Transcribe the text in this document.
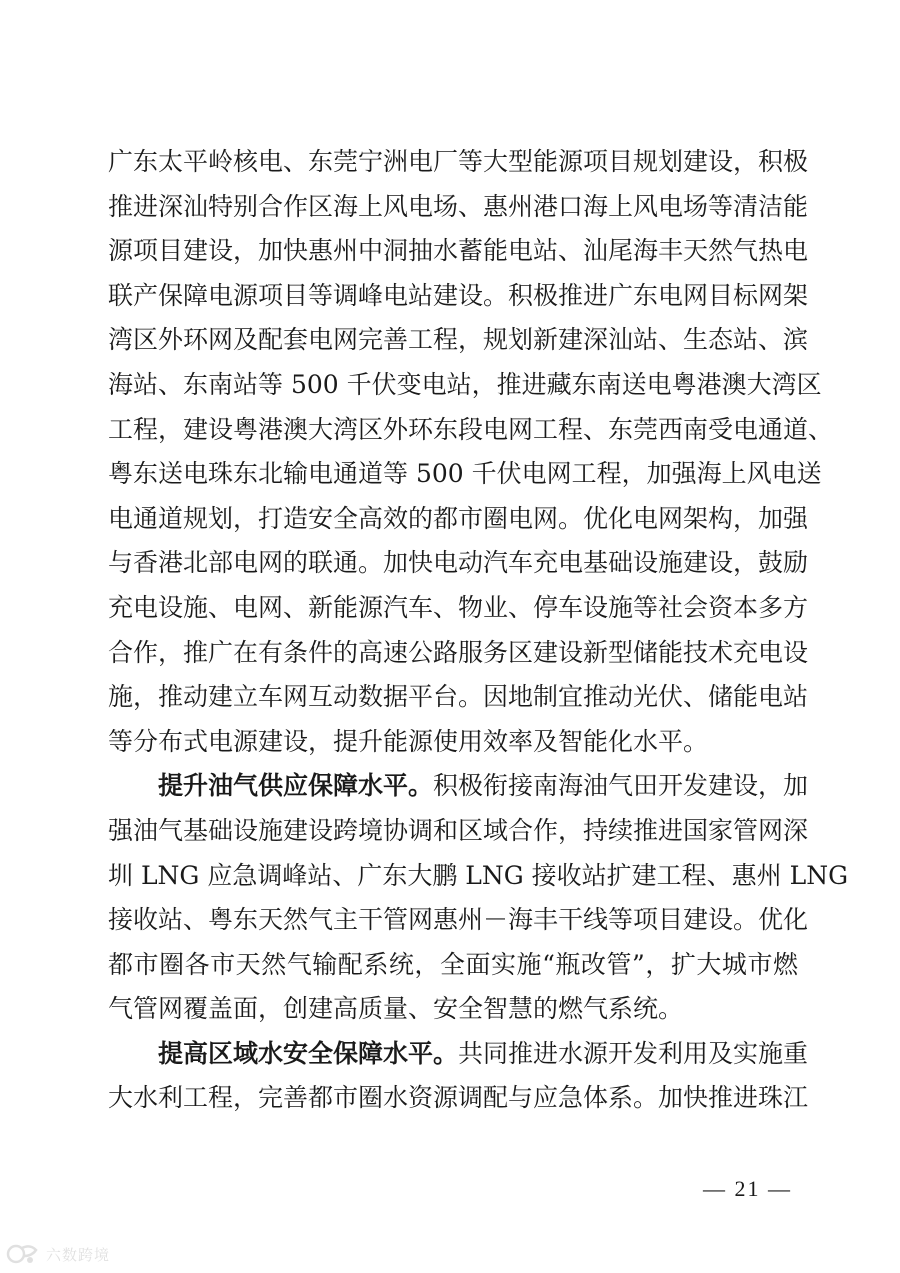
广东太平岭核电、东莞宁洲电厂等大型能源项目规划建设，积极
推进深汕特别合作区海上风电场、惠州港口海上风电场等清洁能
源项目建设，加快惠州中洞抽水蓄能电站、汕尾海丰天然气热电
联产保障电源项目等调峰电站建设。积极推进广东电网目标网架
湾区外环网及配套电网完善工程，规划新建深汕站、生态站、滨
海站、东南站等 500 千伏变电站，推进藏东南送电粤港澳大湾区
工程，建设粤港澳大湾区外环东段电网工程、东莞西南受电通道、
粤东送电珠东北输电通道等 500 千伏电网工程，加强海上风电送
电通道规划，打造安全高效的都市圈电网。优化电网架构，加强
与香港北部电网的联通。加快电动汽车充电基础设施建设，鼓励
充电设施、电网、新能源汽车、物业、停车设施等社会资本多方
合作，推广在有条件的高速公路服务区建设新型储能技术充电设
施，推动建立车网互动数据平台。因地制宜推动光伏、储能电站
等分布式电源建设，提升能源使用效率及智能化水平。
提升油气供应保障水平。积极衔接南海油气田开发建设，加
强油气基础设施建设跨境协调和区域合作，持续推进国家管网深
圳 LNG 应急调峰站、广东大鹏 LNG 接收站扩建工程、惠州 LNG
接收站、粤东天然气主干管网惠州－海丰干线等项目建设。优化
都市圈各市天然气输配系统，全面实施“瓶改管”，扩大城市燃
气管网覆盖面，创建高质量、安全智慧的燃气系统。
提高区域水安全保障水平。共同推进水源开发利用及实施重
大水利工程，完善都市圈水资源调配与应急体系。加快推进珠江
— 21 —
六数跨境
